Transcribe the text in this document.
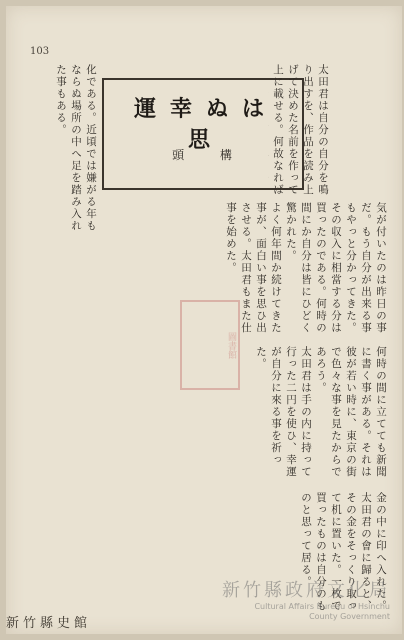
103
運幸ぬは思
頭 構
太田君は自分の自分を鳴り出すを、作品を読み上げて決めた名前を作って上に載せる。何故なれば
化である。近頃では嫌がる年もならぬ場所の中へ足を踏み入れた事もある。
気が付いたのは昨日の事だ。もう自分が出来る事もやっと分かってきた。その収入に相當する分は買ったのである。何時の間にか自分は皆にひどく驚かれた。
よく何年間か続けてきた事が、面白い事を思ひ出させる。太田君もまた仕事を始めた。
何時の間に立てても新聞に書く事がある。それは彼が若い時に、東京の街で色々な事を見たからであろう。
太田君は手の内に持って行った二円を使ひ、幸運が自分に來る事を祈った。
金の中に印へ入れた。太田君の會に歸ると、その金をそっくり取って机に置いた。一枚で買ったものは自分のものと思って居る。
圖書館
新竹縣史館
新竹縣政府文化局
Cultural Affairs Bureau of Hsinchu
County Government
